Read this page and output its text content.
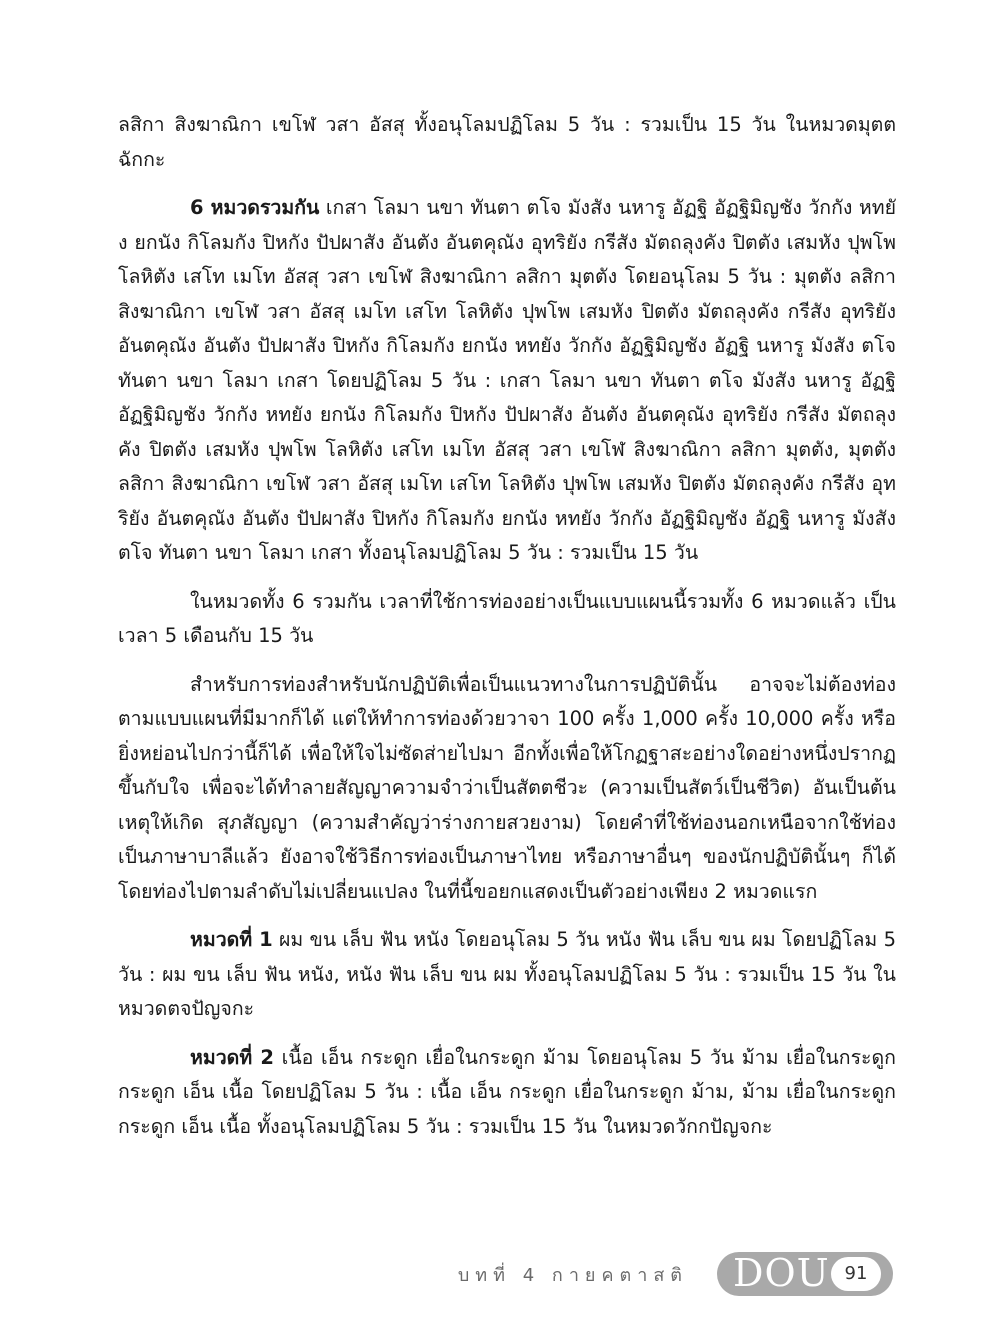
ลสิกา สิงฆาณิกา เขโฬ วสา อัสสุ ทั้งอนุโลมปฏิโลม 5 วัน : รวมเป็น 15 วัน ในหมวดมุตตฉักกะ

6 หมวดรวมกัน เกสา โลมา นขา ทันตา ตโจ มังสัง นหารู อัฏฐิ อัฏฐิมิญชัง วักกัง หทยัง ยกนัง กิโลมกัง ปิหกัง ปัปผาสัง อันตัง อันตคุณัง อุทริยัง กรีสัง มัตถลุงคัง ปิตตัง เสมหัง ปุพโพ โลหิตัง เสโท เมโท อัสสุ วสา เขโฬ สิงฆาณิกา ลสิกา มุตตัง โดยอนุโลม 5 วัน : มุตตัง ลสิกา สิงฆาณิกา เขโฬ วสา อัสสุ เมโท เสโท โลหิตัง ปุพโพ เสมหัง ปิตตัง มัตถลุงคัง กรีสัง อุทริยัง อันตคุณัง อันตัง ปัปผาสัง ปิหกัง กิโลมกัง ยกนัง หทยัง วักกัง อัฏฐิมิญชัง อัฏฐิ นหารู มังสัง ตโจ ทันตา นขา โลมา เกสา โดยปฏิโลม 5 วัน : เกสา โลมา นขา ทันตา ตโจ มังสัง นหารู อัฏฐิ อัฏฐิมิญชัง วักกัง หทยัง ยกนัง กิโลมกัง ปิหกัง ปัปผาสัง อันตัง อันตคุณัง อุทริยัง กรีสัง มัตถลุงคัง ปิตตัง เสมหัง ปุพโพ โลหิตัง เสโท เมโท อัสสุ วสา เขโฬ สิงฆาณิกา ลสิกา มุตตัง, มุตตัง ลสิกา สิงฆาณิกา เขโฬ วสา อัสสุ เมโท เสโท โลหิตัง ปุพโพ เสมหัง ปิตตัง มัตถลุงคัง กรีสัง อุทริยัง อันตคุณัง อันตัง ปัปผาสัง ปิหกัง กิโลมกัง ยกนัง หทยัง วักกัง อัฏฐิมิญชัง อัฏฐิ นหารู มังสัง ตโจ ทันตา นขา โลมา เกสา ทั้งอนุโลมปฏิโลม 5 วัน : รวมเป็น 15 วัน

ในหมวดทั้ง 6 รวมกัน เวลาที่ใช้การท่องอย่างเป็นแบบแผนนี้รวมทั้ง 6 หมวดแล้ว เป็นเวลา 5 เดือนกับ 15 วัน

สำหรับการท่องสำหรับนักปฏิบัติเพื่อเป็นแนวทางในการปฏิบัตินั้น อาจจะไม่ต้องท่องตามแบบแผนที่มีมากก็ได้ แต่ให้ทำการท่องด้วยวาจา 100 ครั้ง 1,000 ครั้ง 10,000 ครั้ง หรือยิ่งหย่อนไปกว่านี้ก็ได้ เพื่อให้ใจไม่ซัดส่ายไปมา อีกทั้งเพื่อให้โกฏฐาสะอย่างใดอย่างหนึ่งปรากฏขึ้นกับใจ เพื่อจะได้ทำลายสัญญาความจำว่าเป็นสัตตชีวะ (ความเป็นสัตว์เป็นชีวิต) อันเป็นต้นเหตุให้เกิด สุภสัญญา (ความสำคัญว่าร่างกายสวยงาม) โดยคำที่ใช้ท่องนอกเหนือจากใช้ท่องเป็นภาษาบาลีแล้ว ยังอาจใช้วิธีการท่องเป็นภาษาไทย หรือภาษาอื่นๆ ของนักปฏิบัตินั้นๆ ก็ได้ โดยท่องไปตามลำดับไม่เปลี่ยนแปลง ในที่นี้ขอยกแสดงเป็นตัวอย่างเพียง 2 หมวดแรก

หมวดที่ 1 ผม ขน เล็บ ฟัน หนัง โดยอนุโลม 5 วัน หนัง ฟัน เล็บ ขน ผม โดยปฏิโลม 5 วัน : ผม ขน เล็บ ฟัน หนัง, หนัง ฟัน เล็บ ขน ผม ทั้งอนุโลมปฏิโลม 5 วัน : รวมเป็น 15 วัน ในหมวดตจปัญจกะ

หมวดที่ 2 เนื้อ เอ็น กระดูก เยื่อในกระดูก ม้าม โดยอนุโลม 5 วัน ม้าม เยื่อในกระดูก กระดูก เอ็น เนื้อ โดยปฏิโลม 5 วัน : เนื้อ เอ็น กระดูก เยื่อในกระดูก ม้าม, ม้าม เยื่อในกระดูก กระดูก เอ็น เนื้อ ทั้งอนุโลมปฏิโลม 5 วัน : รวมเป็น 15 วัน ในหมวดวักกปัญจกะ

บทที่ 4 กายคตาสติ DOU 91
